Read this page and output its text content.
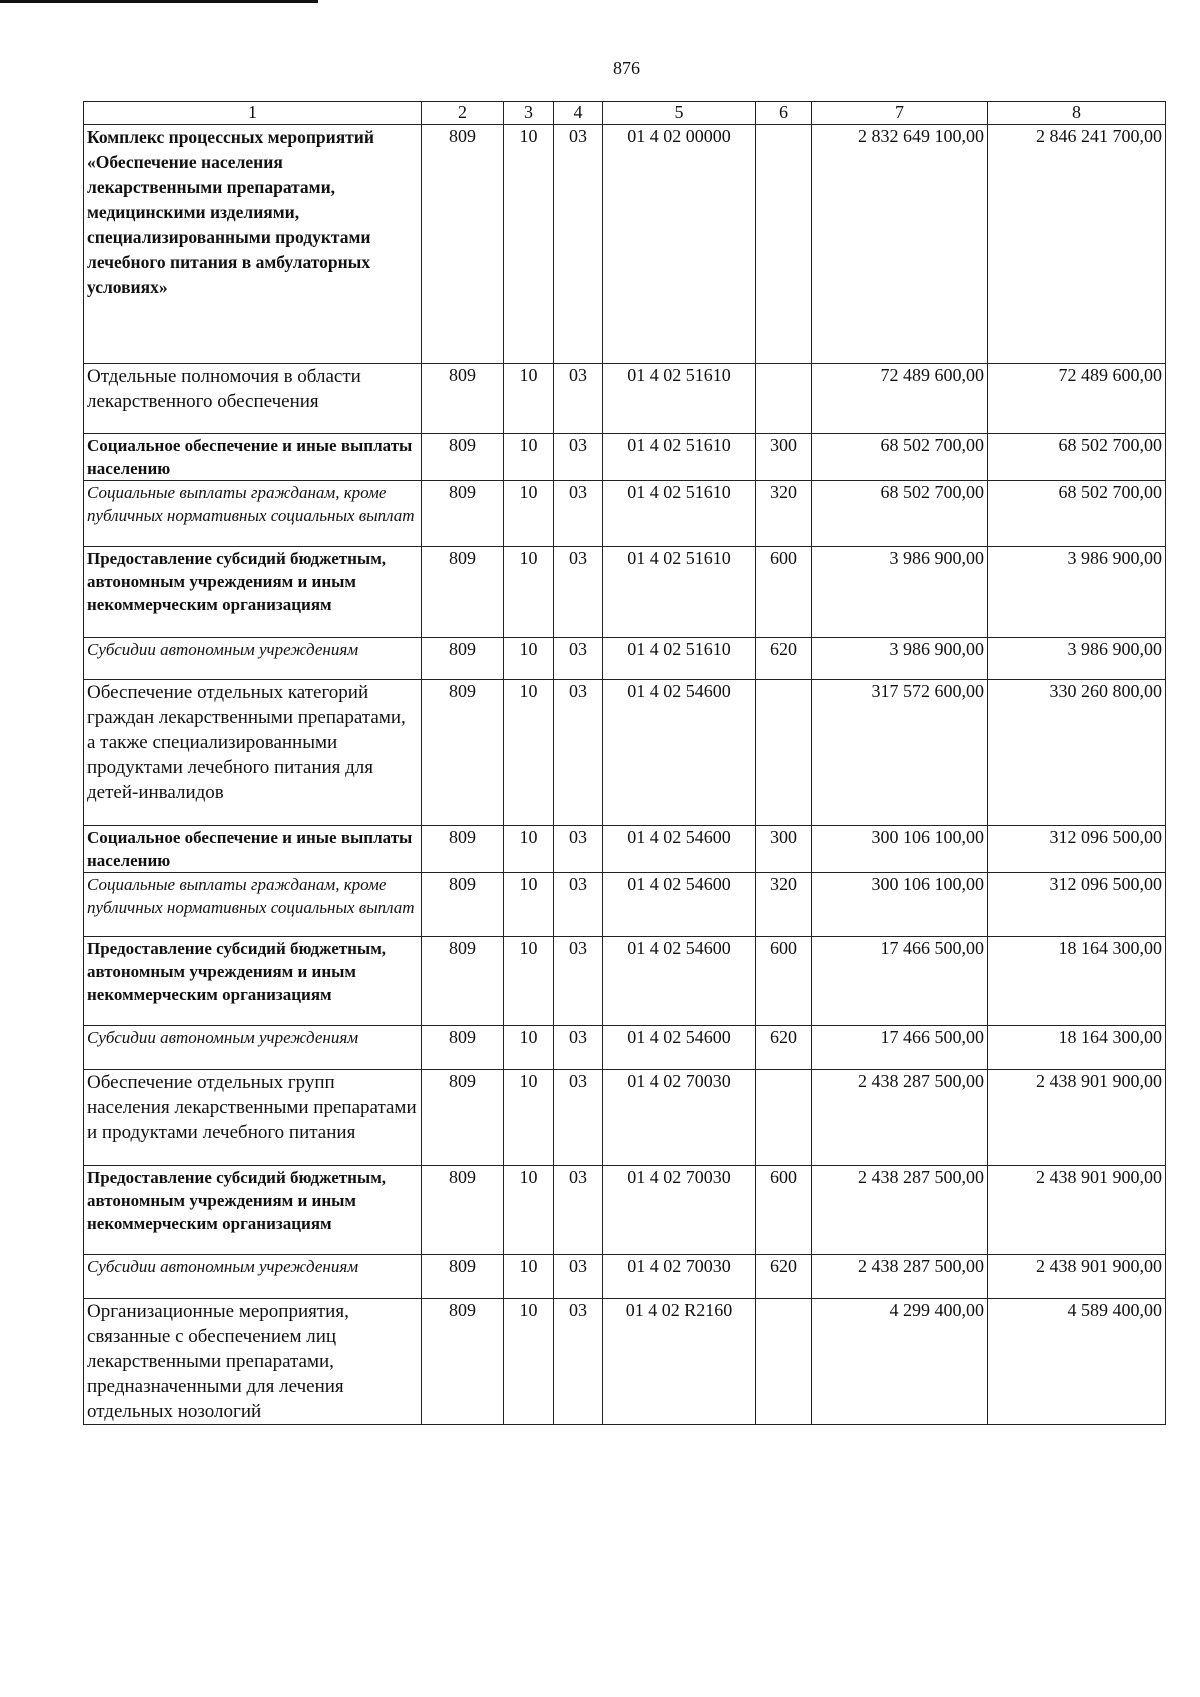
876
1	2	3	4	5	6	7	8
Комплекс процессных мероприятий «Обеспечение населения лекарственными препаратами, медицинскими изделиями, специализированными продуктами лечебного питания в амбулаторных условиях»	809	10	03	01 4 02 00000		2 832 649 100,00	2 846 241 700,00
Отдельные полномочия в области лекарственного обеспечения	809	10	03	01 4 02 51610		72 489 600,00	72 489 600,00
Социальное обеспечение и иные выплаты населению	809	10	03	01 4 02 51610	300	68 502 700,00	68 502 700,00
Социальные выплаты гражданам, кроме публичных нормативных социальных выплат	809	10	03	01 4 02 51610	320	68 502 700,00	68 502 700,00
Предоставление субсидий бюджетным, автономным учреждениям и иным некоммерческим организациям	809	10	03	01 4 02 51610	600	3 986 900,00	3 986 900,00
Субсидии автономным учреждениям	809	10	03	01 4 02 51610	620	3 986 900,00	3 986 900,00
Обеспечение отдельных категорий граждан лекарственными препаратами, а также специализированными продуктами лечебного питания для детей-инвалидов	809	10	03	01 4 02 54600		317 572 600,00	330 260 800,00
Социальное обеспечение и иные выплаты населению	809	10	03	01 4 02 54600	300	300 106 100,00	312 096 500,00
Социальные выплаты гражданам, кроме публичных нормативных социальных выплат	809	10	03	01 4 02 54600	320	300 106 100,00	312 096 500,00
Предоставление субсидий бюджетным, автономным учреждениям и иным некоммерческим организациям	809	10	03	01 4 02 54600	600	17 466 500,00	18 164 300,00
Субсидии автономным учреждениям	809	10	03	01 4 02 54600	620	17 466 500,00	18 164 300,00
Обеспечение отдельных групп населения лекарственными препаратами и продуктами лечебного питания	809	10	03	01 4 02 70030		2 438 287 500,00	2 438 901 900,00
Предоставление субсидий бюджетным, автономным учреждениям и иным некоммерческим организациям	809	10	03	01 4 02 70030	600	2 438 287 500,00	2 438 901 900,00
Субсидии автономным учреждениям	809	10	03	01 4 02 70030	620	2 438 287 500,00	2 438 901 900,00
Организационные мероприятия, связанные с обеспечением лиц лекарственными препаратами, предназначенными для лечения отдельных нозологий	809	10	03	01 4 02 R2160		4 299 400,00	4 589 400,00
